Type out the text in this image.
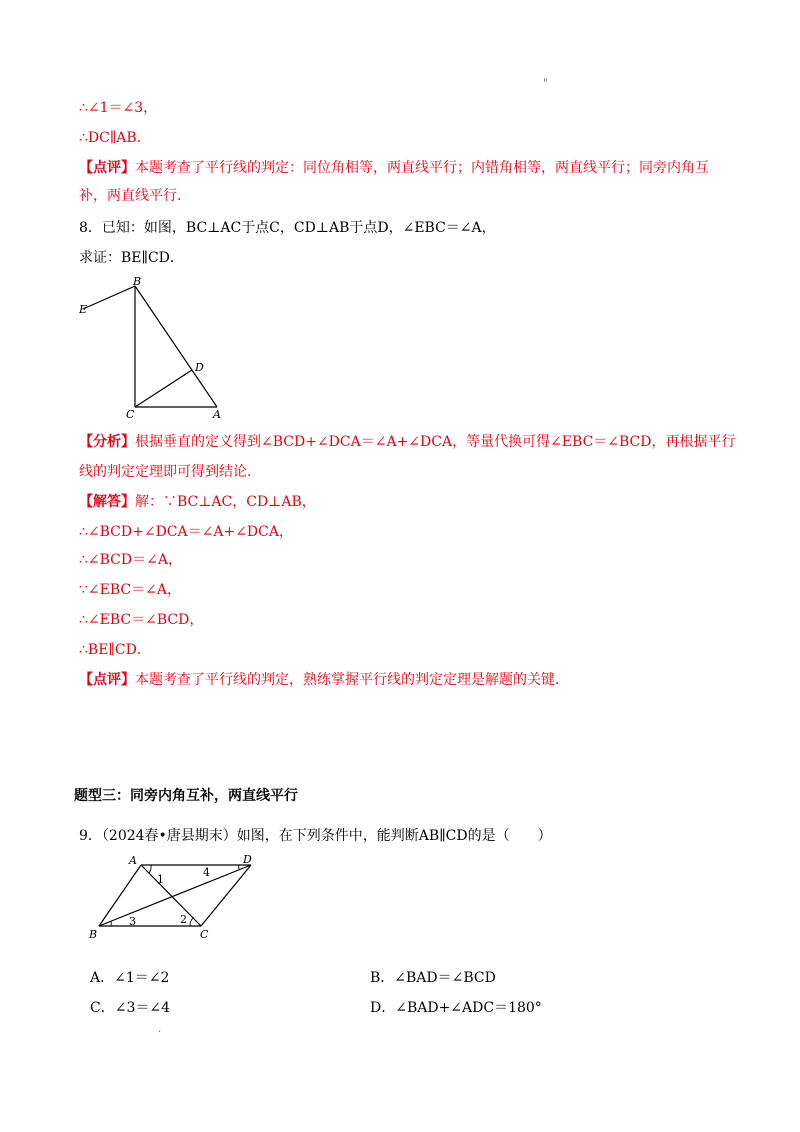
"
∴∠1＝∠3，
∴DC∥AB．
【点评】本题考查了平行线的判定：同位角相等，两直线平行；内错角相等，两直线平行；同旁内角互
补，两直线平行．
8．已知：如图，BC⊥AC于点C，CD⊥AB于点D，∠EBC＝∠A，
求证：BE∥CD．
E
B
D
C	A
【分析】根据垂直的定义得到∠BCD+∠DCA＝∠A+∠DCA，等量代换可得∠EBC＝∠BCD，再根据平行
线的判定定理即可得到结论．
【解答】解：∵BC⊥AC，CD⊥AB，
∴∠BCD+∠DCA＝∠A+∠DCA，
∴∠BCD＝∠A，
∵∠EBC＝∠A，
∴∠EBC＝∠BCD，
∴BE∥CD．
【点评】本题考查了平行线的判定，熟练掌握平行线的判定定理是解题的关键．
题型三：同旁内角互补，两直线平行
9．（2024春•唐县期末）如图，在下列条件中，能判断AB∥CD的是（　　）
A	D
B	C
1
2
3
4
A．∠1＝∠2	B．∠BAD＝∠BCD
C．∠3＝∠4	D．∠BAD+∠ADC＝180°
.
